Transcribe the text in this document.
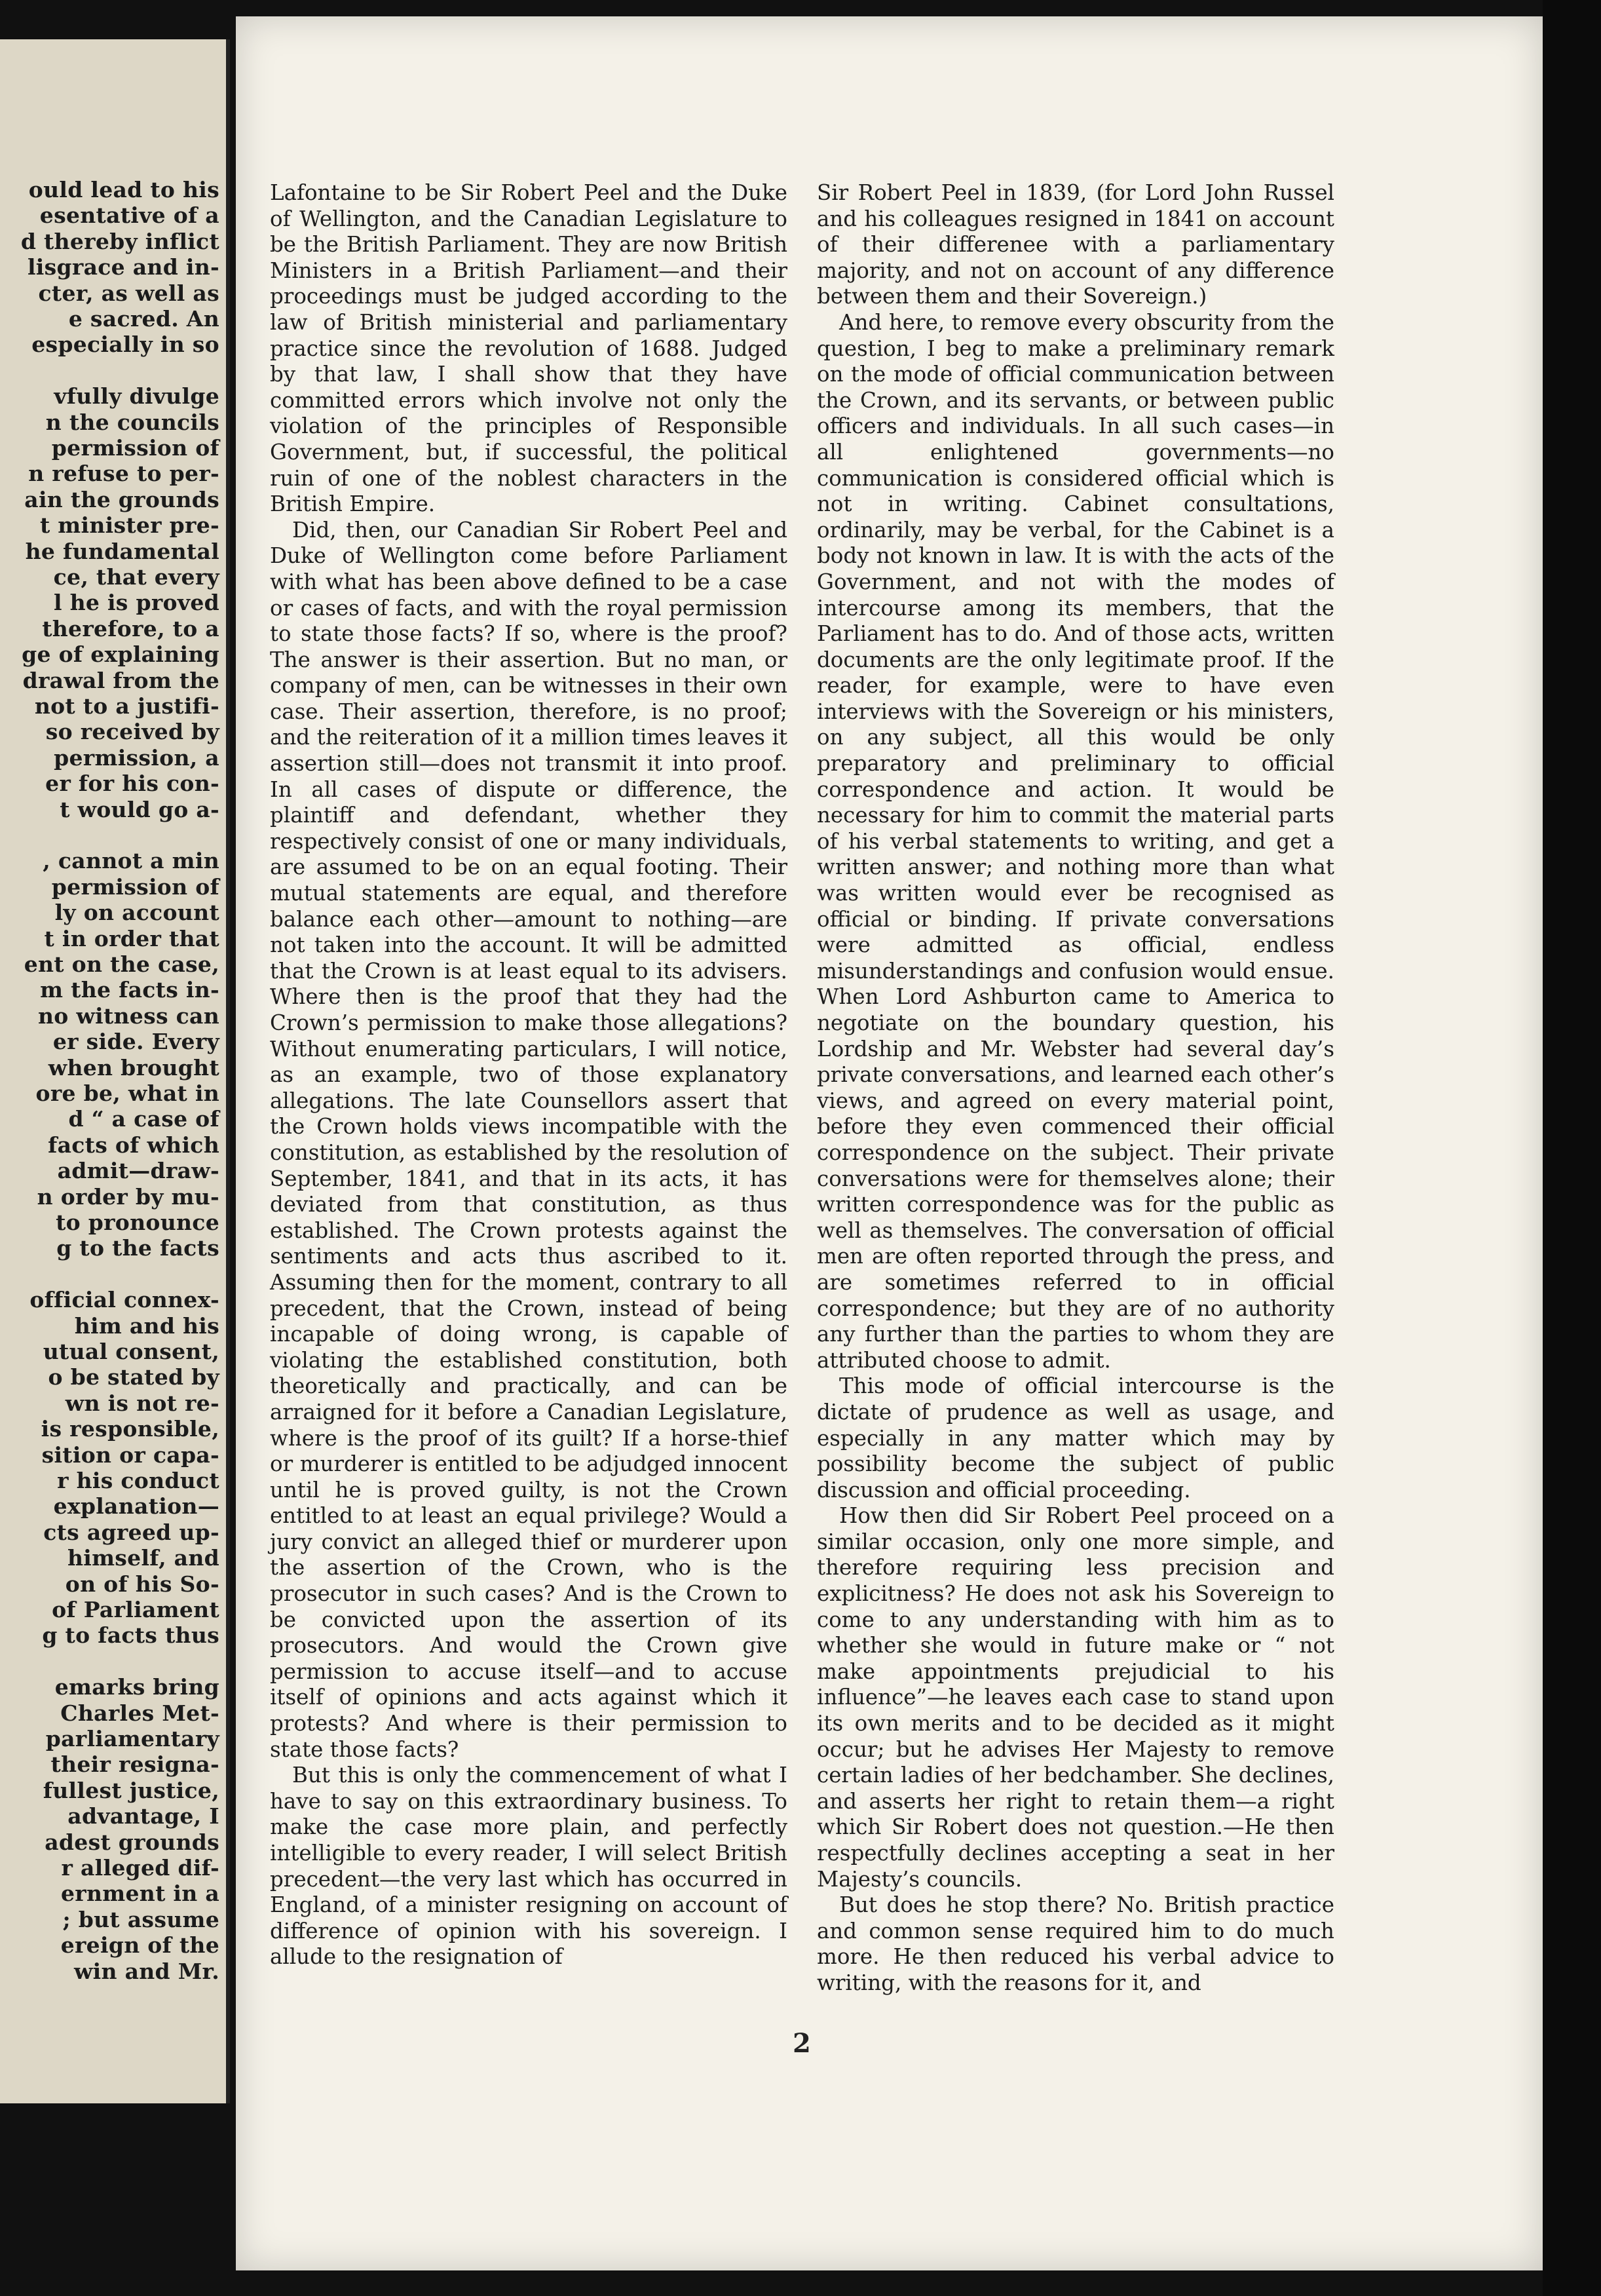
ould lead to his
esentative of a
d thereby inflict
lisgrace and in-
cter, as well as
e sacred. An
especially in so
vfully divulge
n the councils
permission of
n refuse to per-
ain the grounds
t minister pre-
he fundamental
ce, that every
l he is proved
therefore, to a
ge of explaining
drawal from the
not to a justifi-
so received by
permission, a
er for his con-
t would go a-
, cannot a min
permission of
ly on account
t in order that
ent on the case,
m the facts in-
no witness can
er side. Every
when brought
ore be, what in
d “ a case of
facts of which
admit—draw-
n order by mu-
to pronounce
g to the facts
official connex-
him and his
utual consent,
o be stated by
wn is not re-
is responsible,
sition or capa-
r his conduct
explanation—
cts agreed up-
himself, and
on of his So-
of Parliament
g to facts thus
emarks bring
Charles Met-
parliamentary
their resigna-
fullest justice,
advantage, I
adest grounds
r alleged dif-
ernment in a
; but assume
ereign of the
win and Mr.

Lafontaine to be Sir Robert Peel and the Duke of Wellington, and the Canadian Legislature to be the British Parliament. They are now British Ministers in a British Parliament—and their proceedings must be judged according to the law of British ministerial and parliamentary practice since the revolution of 1688. Judged by that law, I shall show that they have committed errors which involve not only the violation of the principles of Responsible Government, but, if successful, the political ruin of one of the noblest characters in the British Empire.

Did, then, our Canadian Sir Robert Peel and Duke of Wellington come before Parliament with what has been above defined to be a case or cases of facts, and with the royal permission to state those facts? If so, where is the proof? The answer is their assertion. But no man, or company of men, can be witnesses in their own case. Their assertion, therefore, is no proof; and the reiteration of it a million times leaves it assertion still—does not transmit it into proof. In all cases of dispute or difference, the plaintiff and defendant, whether they respectively consist of one or many individuals, are assumed to be on an equal footing. Their mutual statements are equal, and therefore balance each other—amount to nothing—are not taken into the account. It will be admitted that the Crown is at least equal to its advisers. Where then is the proof that they had the Crown’s permission to make those allegations? Without enumerating particulars, I will notice, as an example, two of those explanatory allegations. The late Counsellors assert that the Crown holds views incompatible with the constitution, as established by the resolution of September, 1841, and that in its acts, it has deviated from that constitution, as thus established. The Crown protests against the sentiments and acts thus ascribed to it. Assuming then for the moment, contrary to all precedent, that the Crown, instead of being incapable of doing wrong, is capable of violating the established constitution, both theoretically and practically, and can be arraigned for it before a Canadian Legislature, where is the proof of its guilt? If a horse-thief or murderer is entitled to be adjudged innocent until he is proved guilty, is not the Crown entitled to at least an equal privilege? Would a jury convict an alleged thief or murderer upon the assertion of the Crown, who is the prosecutor in such cases? And is the Crown to be convicted upon the assertion of its prosecutors. And would the Crown give permission to accuse itself—and to accuse itself of opinions and acts against which it protests? And where is their permission to state those facts?

But this is only the commencement of what I have to say on this extraordinary business. To make the case more plain, and perfectly intelligible to every reader, I will select British precedent—the very last which has occurred in England, of a minister resigning on account of difference of opinion with his sovereign. I allude to the resignation of

Sir Robert Peel in 1839, (for Lord John Russel and his colleagues resigned in 1841 on account of their differenee with a parliamentary majority, and not on account of any difference between them and their Sovereign.)

And here, to remove every obscurity from the question, I beg to make a preliminary remark on the mode of official communication between the Crown, and its servants, or between public officers and individuals. In all such cases—in all enlightened governments—no communication is considered official which is not in writing. Cabinet consultations, ordinarily, may be verbal, for the Cabinet is a body not known in law. It is with the acts of the Government, and not with the modes of intercourse among its members, that the Parliament has to do. And of those acts, written documents are the only legitimate proof. If the reader, for example, were to have even interviews with the Sovereign or his ministers, on any subject, all this would be only preparatory and preliminary to official correspondence and action. It would be necessary for him to commit the material parts of his verbal statements to writing, and get a written answer; and nothing more than what was written would ever be recognised as official or binding. If private conversations were admitted as official, endless misunderstandings and confusion would ensue. When Lord Ashburton came to America to negotiate on the boundary question, his Lordship and Mr. Webster had several day’s private conversations, and learned each other’s views, and agreed on every material point, before they even commenced their official correspondence on the subject. Their private conversations were for themselves alone; their written correspondence was for the public as well as themselves. The conversation of official men are often reported through the press, and are sometimes referred to in official correspondence; but they are of no authority any further than the parties to whom they are attributed choose to admit.

This mode of official intercourse is the dictate of prudence as well as usage, and especially in any matter which may by possibility become the subject of public discussion and official proceeding.

How then did Sir Robert Peel proceed on a similar occasion, only one more simple, and therefore requiring less precision and explicitness? He does not ask his Sovereign to come to any understanding with him as to whether she would in future make or “ not make appointments prejudicial to his influence”—he leaves each case to stand upon its own merits and to be decided as it might occur; but he advises Her Majesty to remove certain ladies of her bedchamber. She declines, and asserts her right to retain them—a right which Sir Robert does not question.—He then respectfully declines accepting a seat in her Majesty’s councils.

But does he stop there? No. British practice and common sense required him to do much more. He then reduced his verbal advice to writing, with the reasons for it, and

2
